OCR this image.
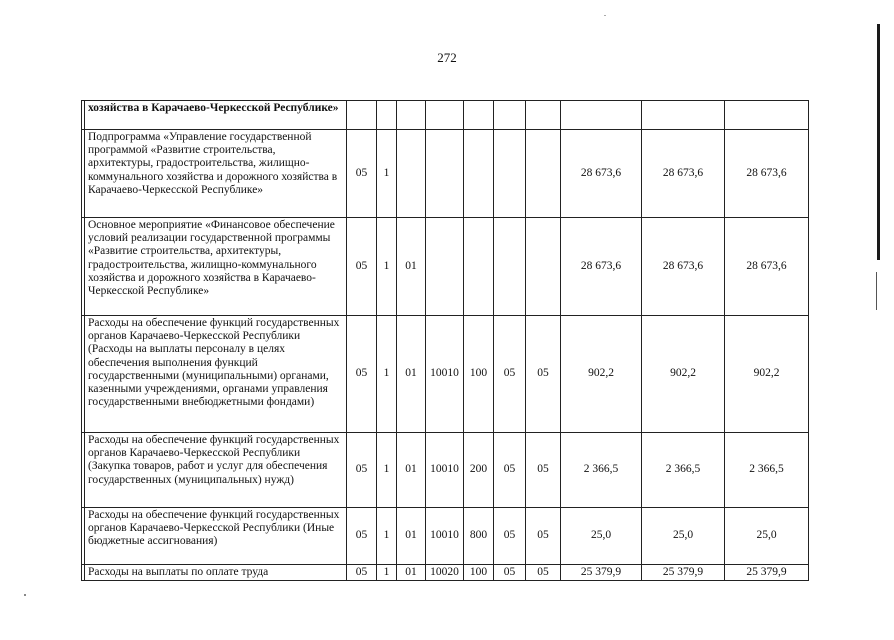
272
	хозяйства в Карачаево-Черкесской Республике»										
	Подпрограмма «Управление государственной программой «Развитие строительства, архитектуры, градостроительства, жилищно-коммунального хозяйства и дорожного хозяйства в Карачаево-Черкесской Республике»	05	1						28 673,6	28 673,6	28 673,6
	Основное мероприятие «Финансовое обеспечение условий реализации государственной программы «Развитие строительства, архитектуры, градостроительства, жилищно-коммунального хозяйства и дорожного хозяйства в Карачаево-Черкесской Республике»	05	1	01					28 673,6	28 673,6	28 673,6
	Расходы на обеспечение функций государственных органов Карачаево-Черкесской Республики (Расходы на выплаты персоналу в целях обеспечения выполнения функций государственными (муниципальными) органами, казенными учреждениями, органами управления государственными внебюджетными фондами)	05	1	01	10010	100	05	05	902,2	902,2	902,2
	Расходы на обеспечение функций государственных органов Карачаево-Черкесской Республики (Закупка товаров, работ и услуг для обеспечения государственных (муниципальных) нужд)	05	1	01	10010	200	05	05	2 366,5	2 366,5	2 366,5
	Расходы на обеспечение функций государственных органов Карачаево-Черкесской Республики (Иные бюджетные ассигнования)	05	1	01	10010	800	05	05	25,0	25,0	25,0
	Расходы на выплаты по оплате труда	05	1	01	10020	100	05	05	25 379,9	25 379,9	25 379,9
